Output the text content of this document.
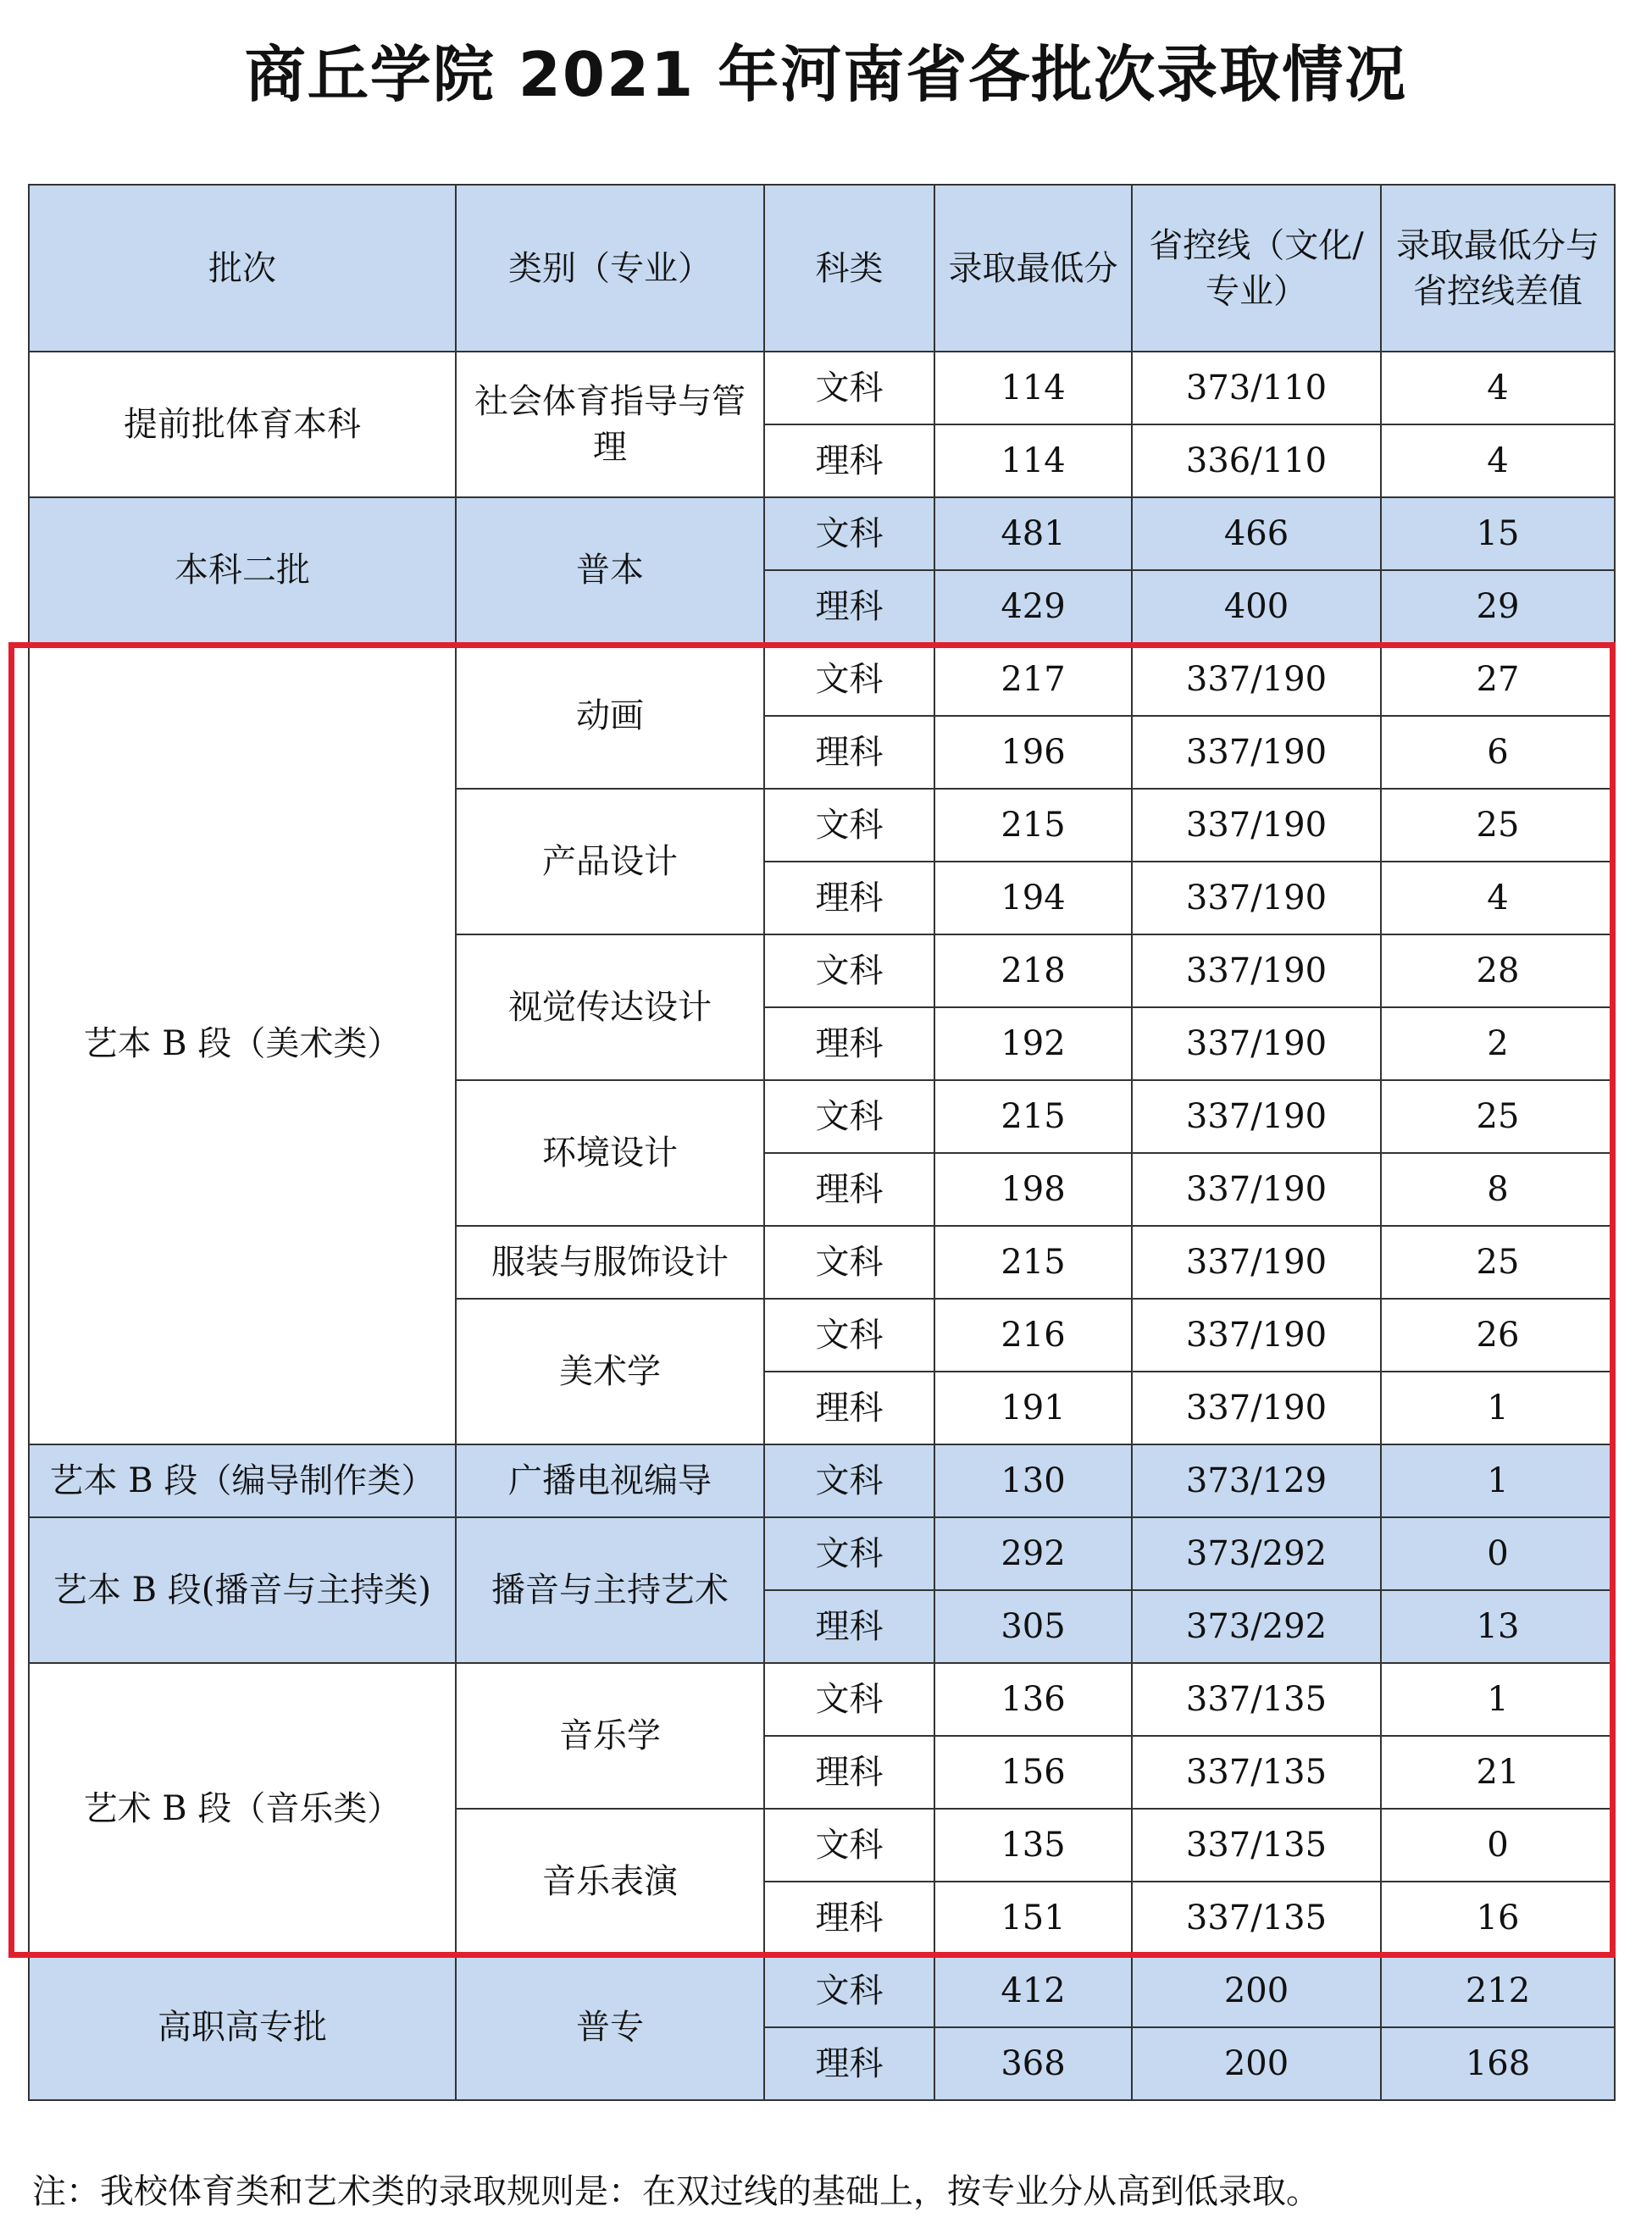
商丘学院 2021 年河南省各批次录取情况
批次	类别（专业）	科类	录取最低分	省控线（文化/专业）	录取最低分与省控线差值
提前批体育本科	社会体育指导与管理	文科	114	373/110	4
		理科	114	336/110	4
本科二批	普本	文科	481	466	15
		理科	429	400	29
艺本 B 段（美术类）	动画	文科	217	337/190	27
		理科	196	337/190	6
	产品设计	文科	215	337/190	25
		理科	194	337/190	4
	视觉传达设计	文科	218	337/190	28
		理科	192	337/190	2
	环境设计	文科	215	337/190	25
		理科	198	337/190	8
	服装与服饰设计	文科	215	337/190	25
	美术学	文科	216	337/190	26
		理科	191	337/190	1
艺本 B 段（编导制作类）	广播电视编导	文科	130	373/129	1
艺本 B 段(播音与主持类)	播音与主持艺术	文科	292	373/292	0
		理科	305	373/292	13
艺术 B 段（音乐类）	音乐学	文科	136	337/135	1
		理科	156	337/135	21
	音乐表演	文科	135	337/135	0
		理科	151	337/135	16
高职高专批	普专	文科	412	200	212
		理科	368	200	168

注：我校体育类和艺术类的录取规则是：在双过线的基础上，按专业分从高到低录取。
